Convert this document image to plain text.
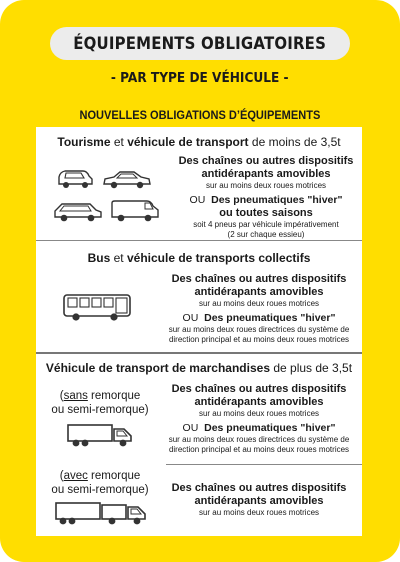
ÉQUIPEMENTS OBLIGATOIRES
- PAR TYPE DE VÉHICULE -
NOUVELLES OBLIGATIONS D’ÉQUIPEMENTS
Tourisme et véhicule de transport de moins de 3,5t
Des chaînes ou autres dispositifs
antidérapants amovibles
sur au moins deux roues motrices
OU Des pneumatiques "hiver"
ou toutes saisons
soit 4 pneus par véhicule impérativement
(2 sur chaque essieu)
Bus et véhicule de transports collectifs
Des chaînes ou autres dispositifs
antidérapants amovibles
sur au moins deux roues motrices
OU Des pneumatiques "hiver"
sur au moins deux roues directrices du système de
direction principal et au moins deux roues motrices
Véhicule de transport de marchandises de plus de 3,5t
(sans remorque
ou semi-remorque)
Des chaînes ou autres dispositifs
antidérapants amovibles
sur au moins deux roues motrices
OU Des pneumatiques "hiver"
sur au moins deux roues directrices du système de
direction principal et au moins deux roues motrices
(avec remorque
ou semi-remorque)	Des chaînes ou autres dispositifs
antidérapants amovibles
sur au moins deux roues motrices
